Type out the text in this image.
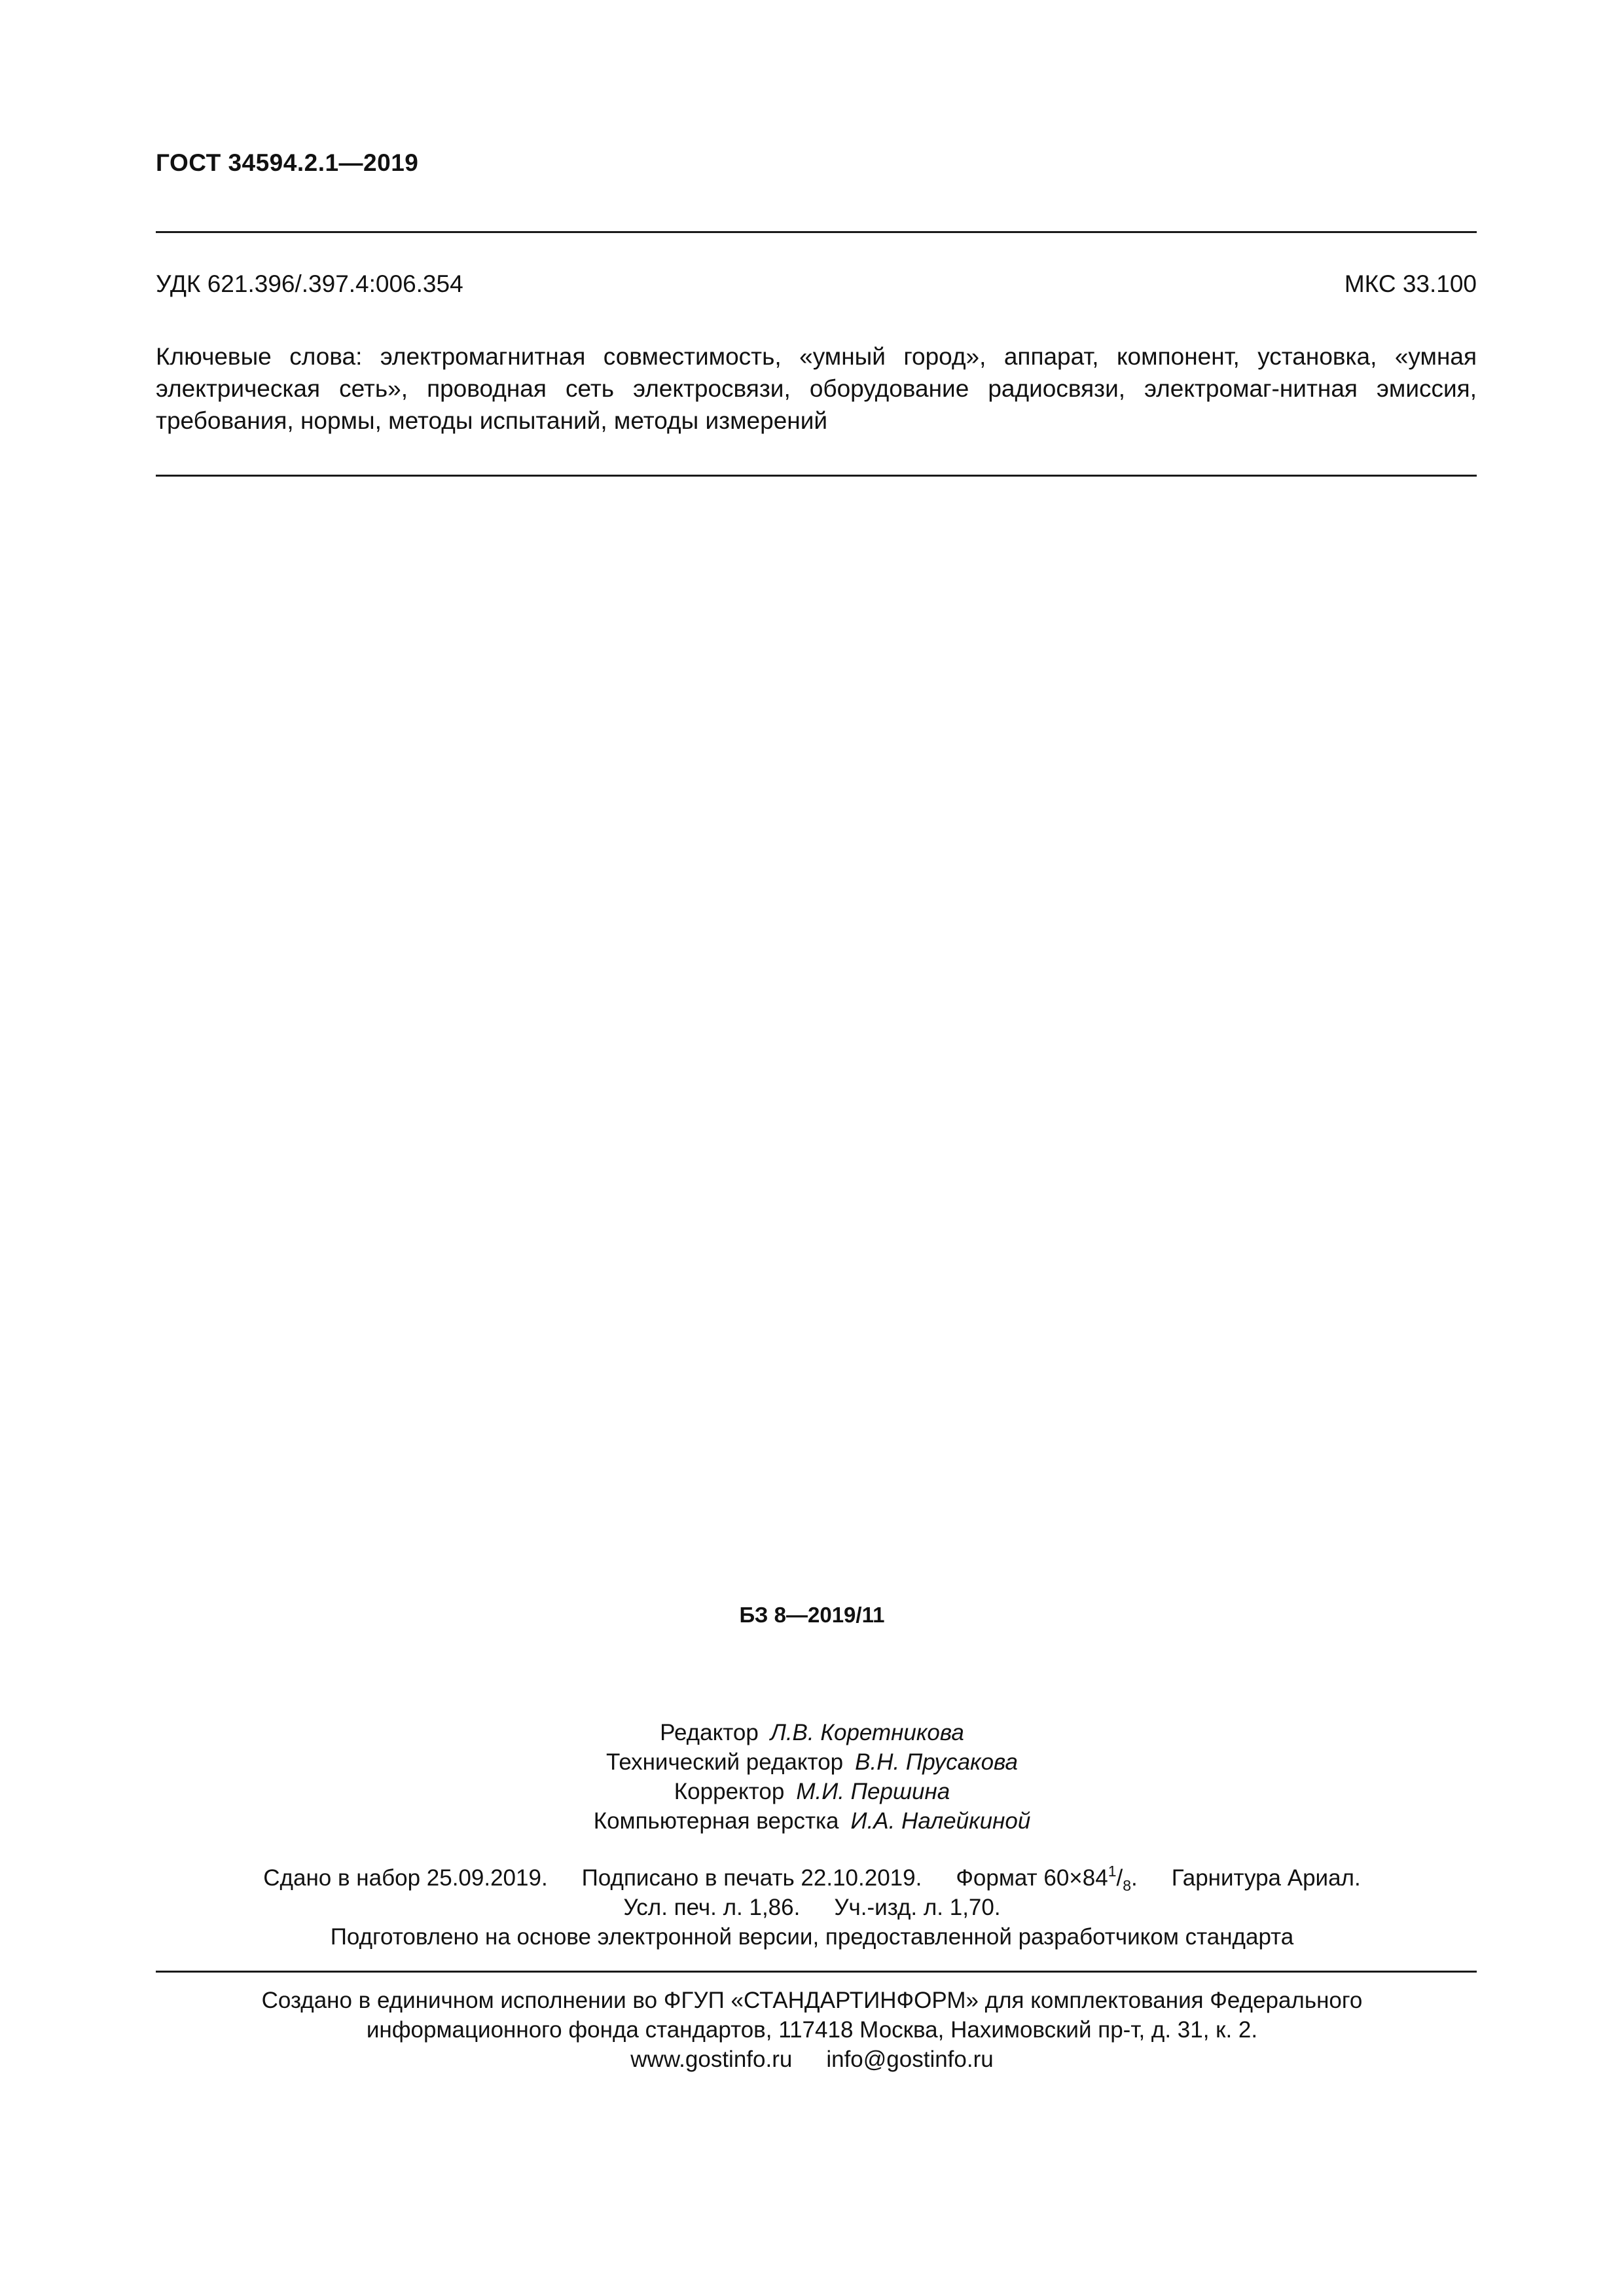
ГОСТ 34594.2.1—2019
УДК 621.396/.397.4:006.354	МКС 33.100
Ключевые слова: электромагнитная совместимость, «умный город», аппарат, компонент, установка, «умная электрическая сеть», проводная сеть электросвязи, оборудование радиосвязи, электромаг-нитная эмиссия, требования, нормы, методы испытаний, методы измерений
БЗ 8—2019/11
Редактор Л.В. Коретникова
Технический редактор В.Н. Прусакова
Корректор М.И. Першина
Компьютерная верстка И.А. Налейкиной
Сдано в набор 25.09.2019. Подписано в печать 22.10.2019. Формат $60\times 84^1/_8$. Гарнитура Ариал.
Усл. печ. л. 1,86. Уч.-изд. л. 1,70.
Подготовлено на основе электронной версии, предоставленной разработчиком стандарта
Создано в единичном исполнении во ФГУП «СТАНДАРТИНФОРМ» для комплектования Федерального
информационного фонда стандартов, 117418 Москва, Нахимовский пр-т, д. 31, к. 2.
www.gostinfo.ru info@gostinfo.ru
